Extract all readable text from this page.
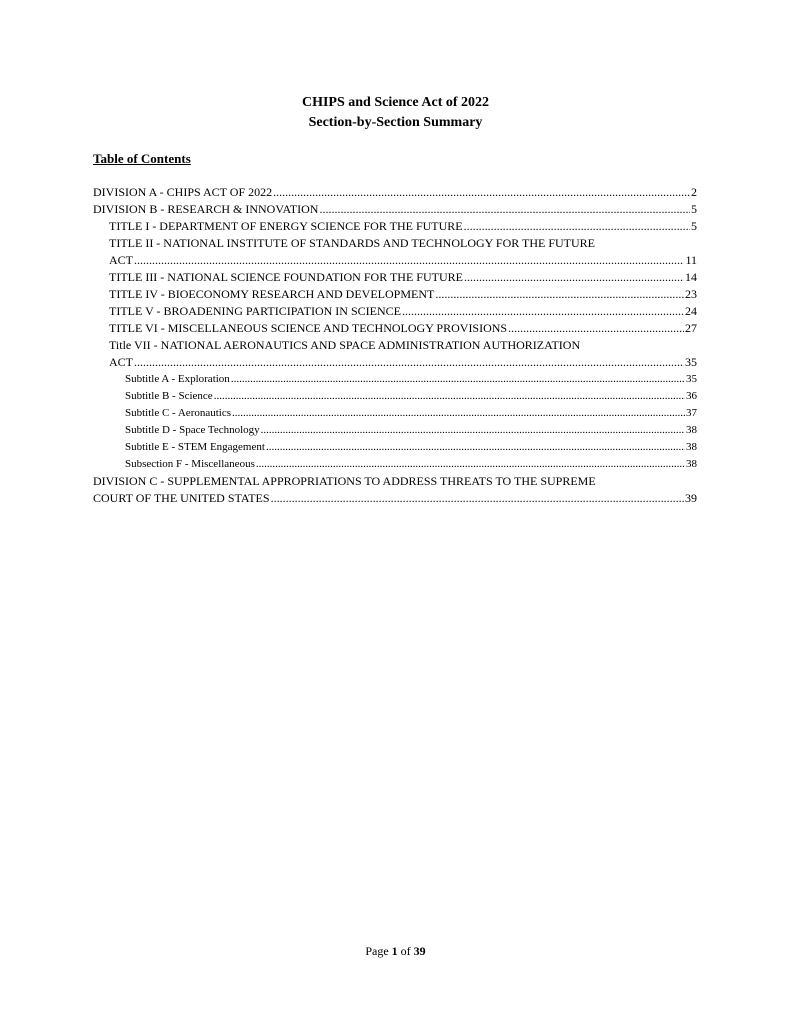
CHIPS and Science Act of 2022
Section-by-Section Summary
Table of Contents
DIVISION A - CHIPS ACT OF 2022 .....	2
DIVISION B - RESEARCH & INNOVATION .....	5
TITLE I - DEPARTMENT OF ENERGY SCIENCE FOR THE FUTURE .....	5
TITLE II - NATIONAL INSTITUTE OF STANDARDS AND TECHNOLOGY FOR THE FUTURE
ACT .....	11
TITLE III - NATIONAL SCIENCE FOUNDATION FOR THE FUTURE .....	14
TITLE IV - BIOECONOMY RESEARCH AND DEVELOPMENT .....	23
TITLE V - BROADENING PARTICIPATION IN SCIENCE .....	24
TITLE VI - MISCELLANEOUS SCIENCE AND TECHNOLOGY PROVISIONS .....	27
Title VII - NATIONAL AERONAUTICS AND SPACE ADMINISTRATION AUTHORIZATION
ACT .....	35
Subtitle A - Exploration .....	35
Subtitle B - Science .....	36
Subtitle C - Aeronautics .....	37
Subtitle D - Space Technology .....	38
Subtitle E - STEM Engagement .....	38
Subsection F - Miscellaneous .....	38
DIVISION C - SUPPLEMENTAL APPROPRIATIONS TO ADDRESS THREATS TO THE SUPREME
COURT OF THE UNITED STATES .....	39
Page 1 of 39
